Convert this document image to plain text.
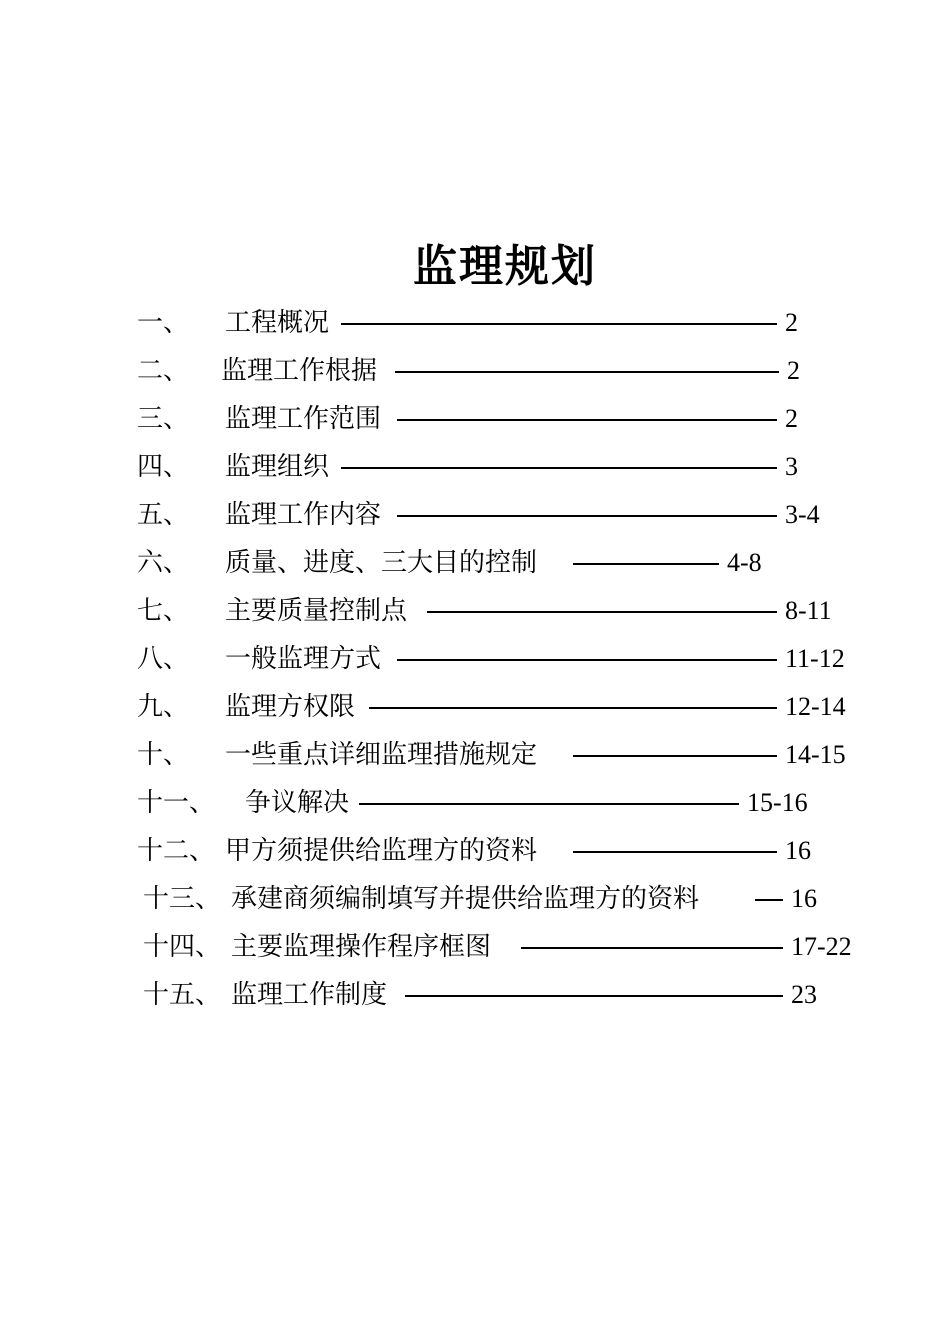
监理规划
一、 工程概况	2
二、 监理工作根据	2
三、 监理工作范围	2
四、 监理组织	3
五、 监理工作内容	3-4
六、 质量、进度、三大目的控制	4-8
七、 主要质量控制点	8-11
八、 一般监理方式	11-12
九、 监理方权限	12-14
十、 一些重点详细监理措施规定	14-15
十一、 争议解决	15-16
十二、 甲方须提供给监理方的资料	16
十三、 承建商须编制填写并提供给监理方的资料	16
十四、 主要监理操作程序框图	17-22
十五、 监理工作制度	23
